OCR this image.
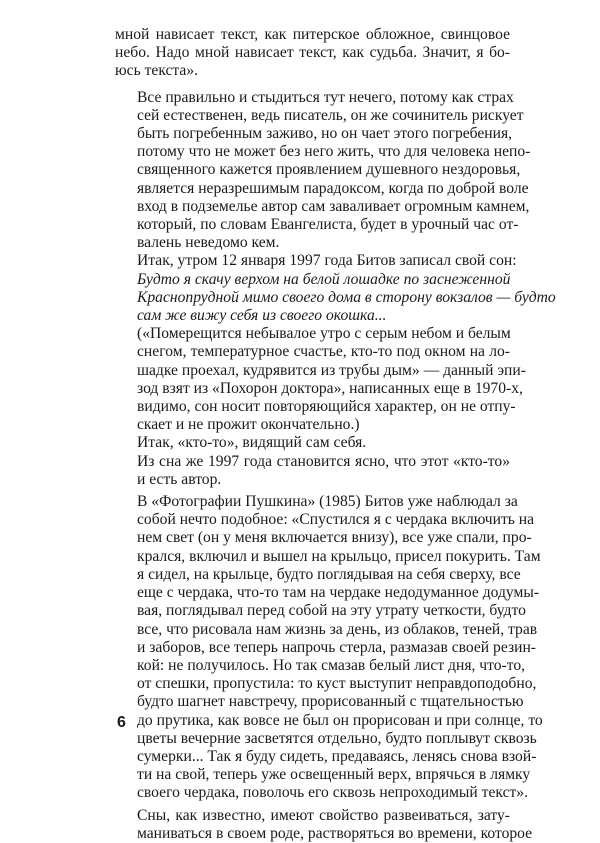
мной нависает текст, как питерское обложное, свинцовое
небо. Надо мной нависает текст, как судьба. Значит, я бо-
юсь текста».

Все правильно и стыдиться тут нечего, потому как страх
сей естественен, ведь писатель, он же сочинитель рискует
быть погребенным заживо, но он чает этого погребения,
потому что не может без него жить, что для человека непо-
священного кажется проявлением душевного нездоровья,
является неразрешимым парадоксом, когда по доброй воле
вход в подземелье автор сам заваливает огромным камнем,
который, по словам Евангелиста, будет в урочный час от-
валень неведомо кем.

Итак, утром 12 января 1997 года Битов записал свой сон:

Будто я скачу верхом на белой лошадке по заснеженной
Краснопрудной мимо своего дома в сторону вокзалов — будто
сам же вижу себя из своего окошка...

(«Померещится небывалое утро с серым небом и белым
снегом, температурное счастье, кто-то под окном на ло-
шадке проехал, кудрявится из трубы дым» — данный эпи-
зод взят из «Похорон доктора», написанных еще в 1970-х,
видимо, сон носит повторяющийся характер, он не отпу-
скает и не прожит окончательно.)

Итак, «кто-то», видящий сам себя.

Из сна же 1997 года становится ясно, что этот «кто-то»
и есть автор.

В «Фотографии Пушкина» (1985) Битов уже наблюдал за
собой нечто подобное: «Спустился я с чердака включить на
нем свет (он у меня включается внизу), все уже спали, про-
крался, включил и вышел на крыльцо, присел покурить. Там
я сидел, на крыльце, будто поглядывая на себя сверху, все
еще с чердака, что-то там на чердаке недодуманное додумы-
вая, поглядывал перед собой на эту утрату четкости, будто
все, что рисовала нам жизнь за день, из облаков, теней, трав
и заборов, все теперь напрочь стерла, размазав своей резин-
кой: не получилось. Но так смазав белый лист дня, что-то,
от спешки, пропустила: то куст выступит неправдоподобно,
будто шагнет навстречу, прорисованный с тщательностью
до прутика, как вовсе не был он прорисован и при солнце, то
цветы вечерние засветятся отдельно, будто поплывут сквозь
сумерки... Так я буду сидеть, предаваясь, ленясь снова взой-
ти на свой, теперь уже освещенный верх, впрячься в лямку
своего чердака, поволочь его сквозь непроходимый текст».

Сны, как известно, имеют свойство развеиваться, зату-
маниваться в своем роде, растворяться во времени, которое

6
